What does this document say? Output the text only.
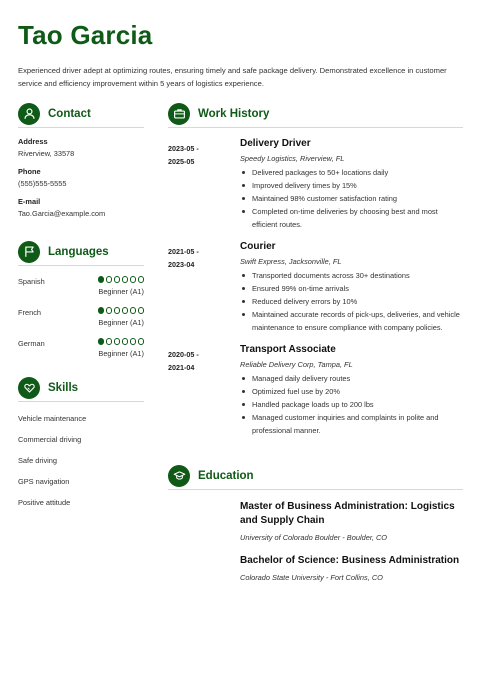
Tao Garcia
Experienced driver adept at optimizing routes, ensuring timely and safe package delivery. Demonstrated excellence in customer service and efficiency improvement within 5 years of logistics experience.
Contact
Address
Riverview, 33578
Phone
(555)555-5555
E-mail
Tao.Garcia@example.com
Languages
Spanish
Beginner (A1)
French
Beginner (A1)
German
Beginner (A1)
Skills
Vehicle maintenance
Commercial driving
Safe driving
GPS navigation
Positive attitude
Work History
2023-05 -
2025-05
Delivery Driver
Speedy Logistics, Riverview, FL
Delivered packages to 50+ locations daily
Improved delivery times by 15%
Maintained 98% customer satisfaction rating
Completed on-time deliveries by choosing best and most efficient routes.
2021-05 -
2023-04
Courier
Swift Express, Jacksonville, FL
Transported documents across 30+ destinations
Ensured 99% on-time arrivals
Reduced delivery errors by 10%
Maintained accurate records of pick-ups, deliveries, and vehicle maintenance to ensure compliance with company policies.
2020-05 -
2021-04
Transport Associate
Reliable Delivery Corp, Tampa, FL
Managed daily delivery routes
Optimized fuel use by 20%
Handled package loads up to 200 lbs
Managed customer inquiries and complaints in polite and professional manner.
Education
Master of Business Administration: Logistics and Supply Chain
University of Colorado Boulder - Boulder, CO
Bachelor of Science: Business Administration
Colorado State University - Fort Collins, CO
